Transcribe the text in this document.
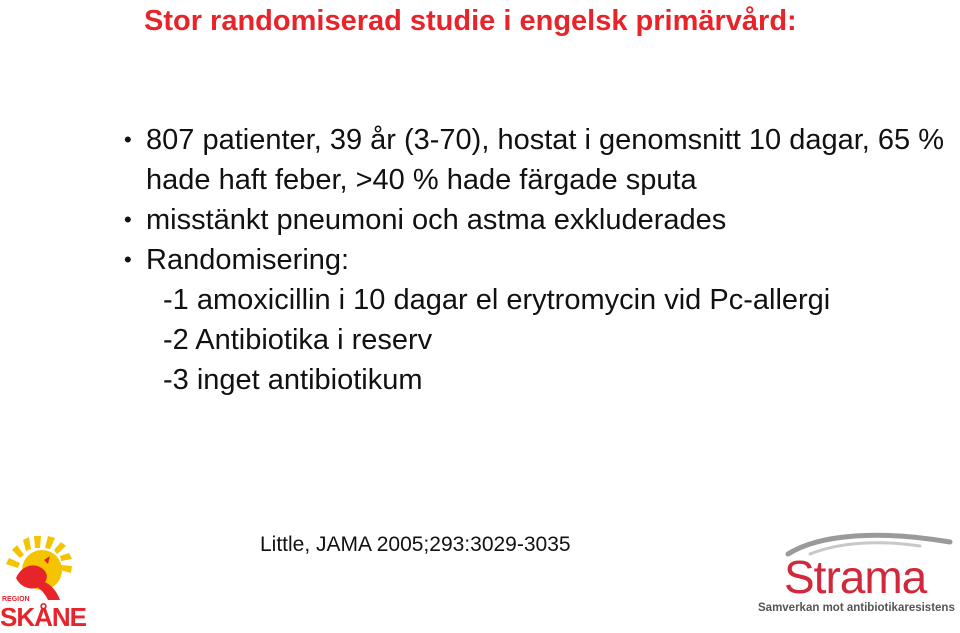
Stor randomiserad studie i engelsk primärvård:
• 807 patienter, 39 år (3-70), hostat i genomsnitt 10 dagar, 65 % hade haft feber, >40 % hade färgade sputa
• misstänkt pneumoni och astma exkluderades
• Randomisering:
-1 amoxicillin i 10 dagar el erytromycin vid Pc-allergi
-2 Antibiotika i reserv
-3 inget antibiotikum
Little, JAMA 2005;293:3029-3035
REGION
SKÅNE
Strama
Samverkan mot antibiotikaresistens
